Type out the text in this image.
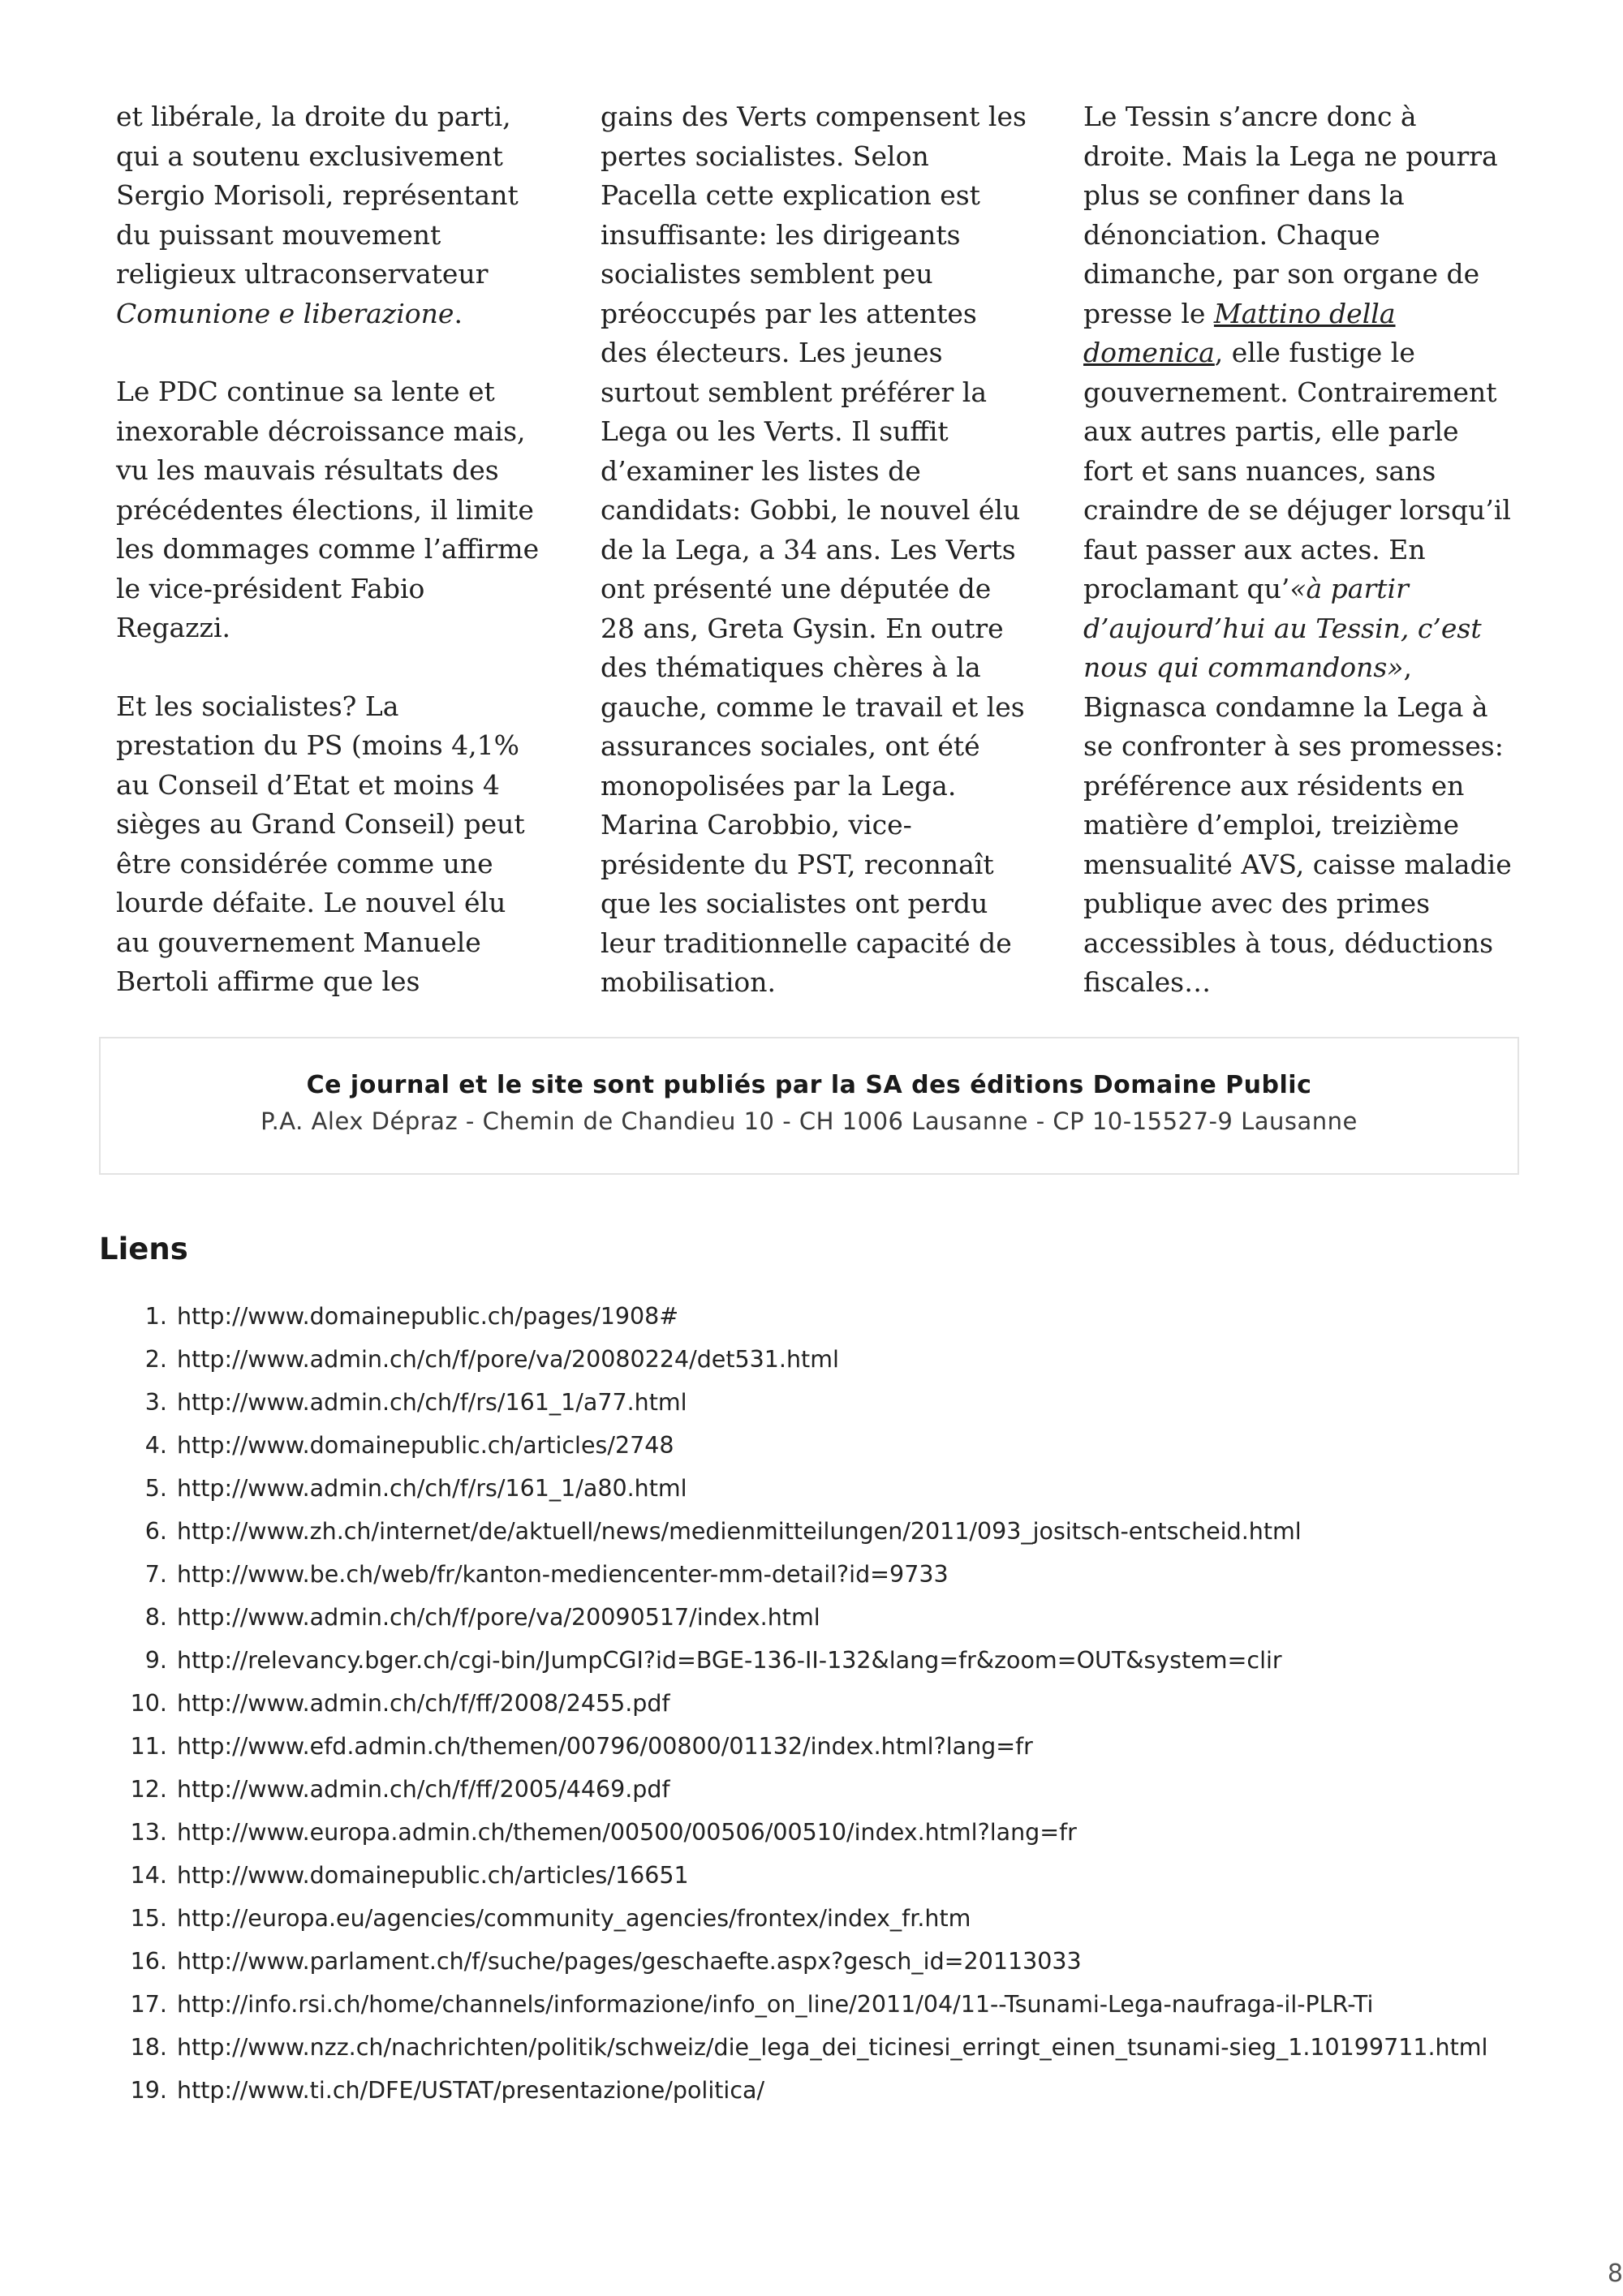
et libérale, la droite du parti, qui a soutenu exclusivement Sergio Morisoli, représentant du puissant mouvement religieux ultraconservateur Comunione e liberazione.

Le PDC continue sa lente et inexorable décroissance mais, vu les mauvais résultats des précédentes élections, il limite les dommages comme l’affirme le vice-président Fabio Regazzi.

Et les socialistes? La prestation du PS (moins 4,1% au Conseil d’Etat et moins 4 sièges au Grand Conseil) peut être considérée comme une lourde défaite. Le nouvel élu au gouvernement Manuele Bertoli affirme que les

gains des Verts compensent les pertes socialistes. Selon Pacella cette explication est insuffisante: les dirigeants socialistes semblent peu préoccupés par les attentes des électeurs. Les jeunes surtout semblent préférer la Lega ou les Verts. Il suffit d’examiner les listes de candidats: Gobbi, le nouvel élu de la Lega, a 34 ans. Les Verts ont présenté une députée de 28 ans, Greta Gysin. En outre des thématiques chères à la gauche, comme le travail et les assurances sociales, ont été monopolisées par la Lega. Marina Carobbio, vice-présidente du PST, reconnaît que les socialistes ont perdu leur traditionnelle capacité de mobilisation.

Le Tessin s’ancre donc à droite. Mais la Lega ne pourra plus se confiner dans la dénonciation. Chaque dimanche, par son organe de presse le Mattino della domenica, elle fustige le gouvernement. Contrairement aux autres partis, elle parle fort et sans nuances, sans craindre de se déjuger lorsqu’il faut passer aux actes. En proclamant qu’«à partir d’aujourd’hui au Tessin, c’est nous qui commandons», Bignasca condamne la Lega à se confronter à ses promesses: préférence aux résidents en matière d’emploi, treizième mensualité AVS, caisse maladie publique avec des primes accessibles à tous, déductions fiscales…

Ce journal et le site sont publiés par la SA des éditions Domaine Public
P.A. Alex Dépraz - Chemin de Chandieu 10 - CH 1006 Lausanne - CP 10-15527-9 Lausanne
Liens
1. http://www.domainepublic.ch/pages/1908#
2. http://www.admin.ch/ch/f/pore/va/20080224/det531.html
3. http://www.admin.ch/ch/f/rs/161_1/a77.html
4. http://www.domainepublic.ch/articles/2748
5. http://www.admin.ch/ch/f/rs/161_1/a80.html
6. http://www.zh.ch/internet/de/aktuell/news/medienmitteilungen/2011/093_jositsch-entscheid.html
7. http://www.be.ch/web/fr/kanton-mediencenter-mm-detail?id=9733
8. http://www.admin.ch/ch/f/pore/va/20090517/index.html
9. http://relevancy.bger.ch/cgi-bin/JumpCGI?id=BGE-136-II-132&lang=fr&zoom=OUT&system=clir
10. http://www.admin.ch/ch/f/ff/2008/2455.pdf
11. http://www.efd.admin.ch/themen/00796/00800/01132/index.html?lang=fr
12. http://www.admin.ch/ch/f/ff/2005/4469.pdf
13. http://www.europa.admin.ch/themen/00500/00506/00510/index.html?lang=fr
14. http://www.domainepublic.ch/articles/16651
15. http://europa.eu/agencies/community_agencies/frontex/index_fr.htm
16. http://www.parlament.ch/f/suche/pages/geschaefte.aspx?gesch_id=20113033
17. http://info.rsi.ch/home/channels/informazione/info_on_line/2011/04/11--Tsunami-Lega-naufraga-il-PLR-Ti
18. http://www.nzz.ch/nachrichten/politik/schweiz/die_lega_dei_ticinesi_erringt_einen_tsunami-sieg_1.10199711.html
19. http://www.ti.ch/DFE/USTAT/presentazione/politica/
8
